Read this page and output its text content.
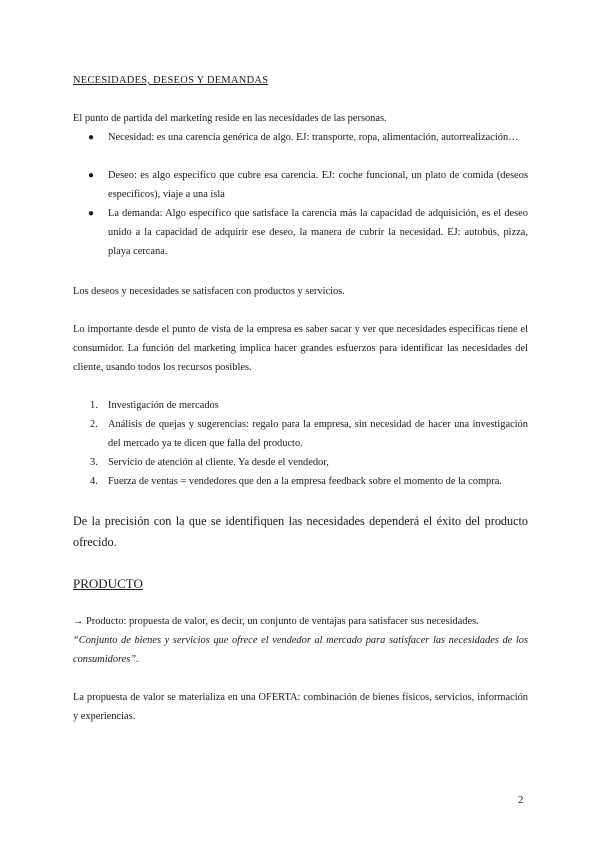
NECESIDADES, DESEOS Y DEMANDAS
El punto de partida del marketing reside en las necesidades de las personas.
● Necesidad: es una carencia genérica de algo. EJ: transporte, ropa, alimentación, autorrealización…
● Deseo: es algo especifico que cubre esa carencia. EJ: coche funcional, un plato de comida (deseos específicos), viaje a una isla
● La demanda: Algo específico que satisface la carencia más la capacidad de adquisición, es el deseo unido a la capacidad de adquirir ese deseo, la manera de cubrir la necesidad. EJ: autobús, pizza, playa cercana.
Los deseos y necesidades se satisfacen con productos y servicios.
Lo importante desde el punto de vista de la empresa es saber sacar y ver que necesidades especificas tiene el consumidor. La función del marketing implica hacer grandes esfuerzos para identificar las necesidades del cliente, usando todos los recursos posibles.
1. Investigación de mercados
2. Análisis de quejas y sugerencias: regalo para la empresa, sin necesidad de hacer una investigación del mercado ya te dicen que falla del producto.
3. Servicio de atención al cliente. Ya desde el vendedor,
4. Fuerza de ventas = vendedores que den a la empresa feedback sobre el momento de la compra.
De la precisión con la que se identifiquen las necesidades dependerá el éxito del producto ofrecido.
PRODUCTO
→ Producto: propuesta de valor, es decir, un conjunto de ventajas para satisfacer sus necesidades.
“Conjunto de bienes y servicios que ofrece el vendedor al mercado para satisfacer las necesidades de los consumidores”.
La propuesta de valor se materializa en una OFERTA: combinación de bienes físicos, servicios, información y experiencias.
2
